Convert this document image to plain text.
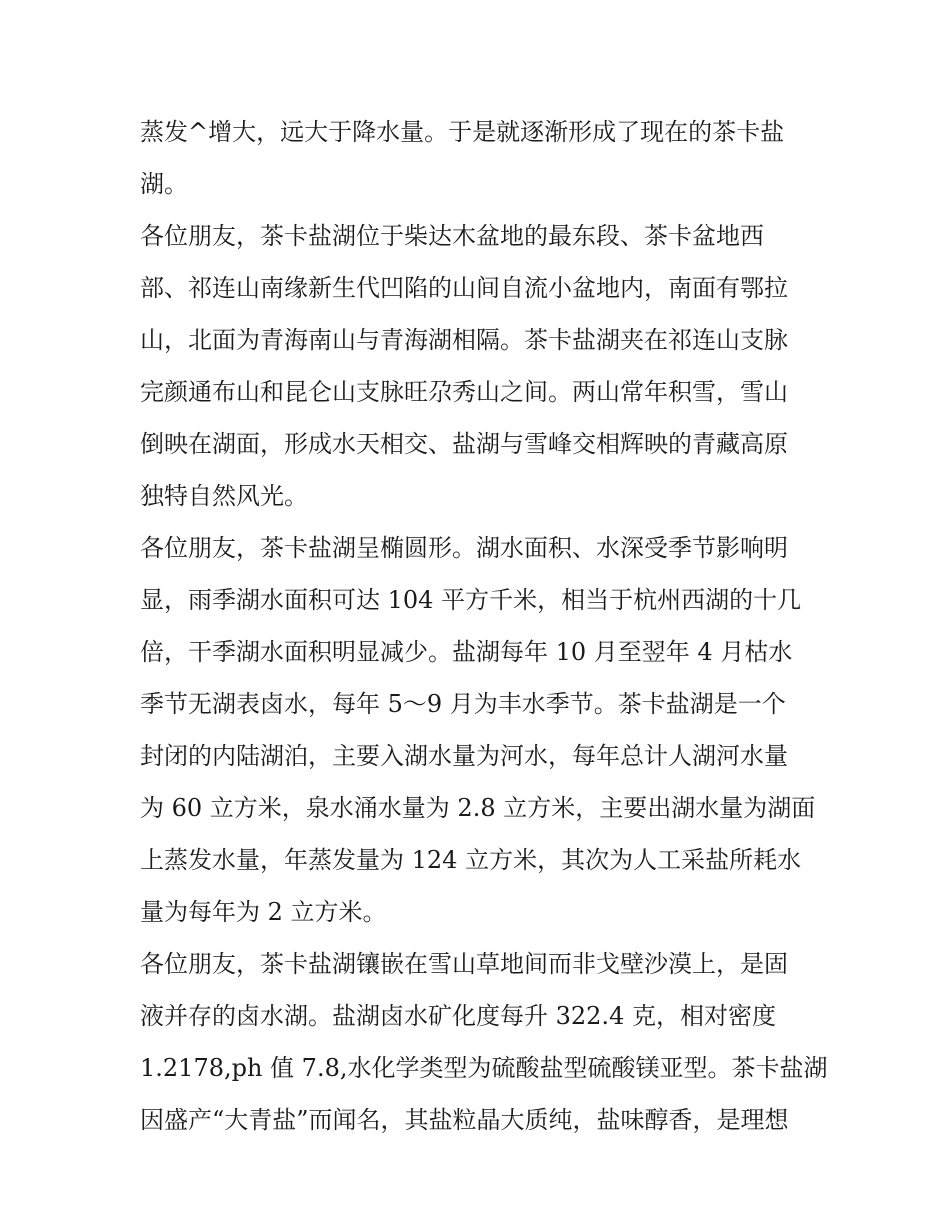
蒸发^增大，远大于降水量。于是就逐渐形成了现在的茶卡盐
湖。
各位朋友，茶卡盐湖位于柴达木盆地的最东段、茶卡盆地西
部、祁连山南缘新生代凹陷的山间自流小盆地内，南面有鄂拉
山，北面为青海南山与青海湖相隔。茶卡盐湖夹在祁连山支脉
完颜通布山和昆仑山支脉旺尕秀山之间。两山常年积雪，雪山
倒映在湖面，形成水天相交、盐湖与雪峰交相辉映的青藏高原
独特自然风光。
各位朋友，茶卡盐湖呈椭圆形。湖水面积、水深受季节影响明
显，雨季湖水面积可达 104 平方千米，相当于杭州西湖的十几
倍，干季湖水面积明显减少。盐湖每年 10 月至翌年 4 月枯水
季节无湖表卤水，每年 5〜9 月为丰水季节。茶卡盐湖是一个
封闭的内陆湖泊，主要入湖水量为河水，每年总计人湖河水量
为 60 立方米，泉水涌水量为 2.8 立方米，主要出湖水量为湖面
上蒸发水量，年蒸发量为 124 立方米，其次为人工采盐所耗水
量为每年为 2 立方米。
各位朋友，茶卡盐湖镶嵌在雪山草地间而非戈壁沙漠上，是固
液并存的卤水湖。盐湖卤水矿化度每升 322.4 克，相对密度
1.2178,ph 值 7.8,水化学类型为硫酸盐型硫酸镁亚型。茶卡盐湖
因盛产“大青盐”而闻名，其盐粒晶大质纯，盐味醇香，是理想
